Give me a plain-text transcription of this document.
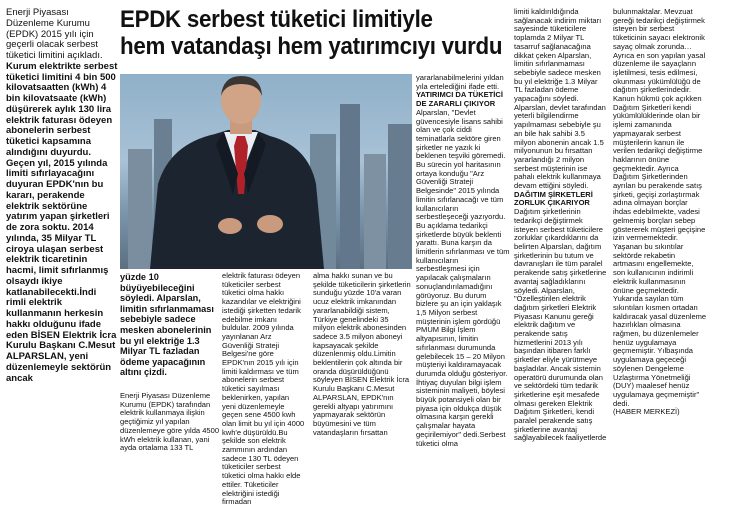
Enerji Piyasası Düzenleme Kurumu (EPDK) 2015 yılı için geçerli olacak serbest tüketici limitini açıkladı.
Kurum elektrikte serbest tüketici limitini 4 bin 500 kilovatsaatten (kWh) 4 bin kilovatsaate (kWh) düşürerek aylık 130 lira elektrik faturası ödeyen abonelerin serbest tüketici kapsamına alındığını duyurdu. Geçen yıl, 2015 yılında limiti sıfırlayacağını duyuran EPDK'nın bu kararı, perakende elektrik sektörüne yatırım yapan şirketleri de zora soktu. 2014 yılında, 35 Milyar TL ciroya ulaşan serbest elektrik ticaretinin hacmi, limit sıfırlanmış olsaydı ikiye katlanabilecekti.İndi rimli elektrik kullanmanın herkesin hakkı olduğunu ifade eden BİSEN Elektrik İcra Kurulu Başkanı C.Mesut ALPARSLAN, yeni düzenlemeyle sektörün ancak
EPDK serbest tüketici limitiyle
hem vatandaşı hem yatırımcıyı vurdu
yüzde 10 büyüyebileceğini söyledi. Alparslan, limitin sıfırlanmaması sebebiyle sadece mesken abonelerinin bu yıl elektriğe 1.3 Milyar TL fazladan ödeme yapacağının altını çizdi.
Enerji Piyasası Düzenleme Kurumu (EPDK) tarafından elektrik kullanmaya ilişkin geçtiğimiz yıl yapılan düzenlemeye göre yılda 4500 kWh elektrik kullanan, yani ayda ortalama 133 TL
elektrik faturası ödeyen tüketiciler serbest tüketici olma hakkı kazandılar ve elektriğini istediği şirketten tedarik edebilme imkanı buldular. 2009 yılında yayınlanan Arz Güvenliği Strateji Belgesi'ne göre EPDK'nın 2015 yılı için limiti kaldırması ve tüm abonelerin serbest tüketici sayılması beklenirken, yapılan yeni düzenlemeyle geçen sene 4500 kwh olan limit bu yıl için 4000 kwh'e düşürüldü.Bu şekilde son elektrik zammının ardından sadece 130 TL ödeyen tüketiciler serbest tüketici olma hakkı elde ettiler. Tüketiciler elektriğini istediği firmadan
alma hakkı sunan ve bu şekilde tüketicilerin şirketlerin sunduğu yüzde 10'a varan ucuz elektrik imkanından yararlanabildiği sistem, Türkiye genelindeki 35 milyon elektrik abonesinden sadece 3.5 milyon aboneyi kapsayacak şekilde düzenlenmiş oldu.Limitin beklentilerin çok altında bir oranda düşürüldüğünü söyleyen BİSEN Elektrik İcra Kurulu Başkanı C.Mesut ALPARSLAN, EPDK'nın gerekli altyapı yatırımını yapmayarak sektörün büyümesini ve tüm vatandaşların fırsattan
yararlanabilmelerini yıldan yıla ertelediğini ifade etti.
YATIRIMCI DA TÜKETİCİ DE ZARARLI ÇIKIYOR
Alparslan, "Devlet güvencesiyle lisans sahibi olan ve çok ciddi teminatlarla sektöre giren şirketler ne yazık ki beklenen teşviki göremedi. Bu sürecin yol haritasının ortaya konduğu "Arz Güvenliği Strateji Belgesinde" 2015 yılında limitin sıfırlanacağı ve tüm kullanıcıların serbestleşeceği yazıyordu. Bu açıklama tedarikçi şirketlerde büyük beklenti yarattı. Buna karşın da limitlerin sıfırlanması ve tüm kullanıcıların serbestleşmesi için yapılacak çalışmaların sonuçlandırılamadığını görüyoruz. Bu durum bizlere şu an için yaklaşık 1,5 Milyon serbest müşterinin işlem gördüğü PMUM Bilgi İşlem altyapısının, limitin sıfırlanması durumunda gelebilecek 15 – 20 Milyon müşteriyi kaldıramayacak durumda olduğu gösteriyor. İhtiyaç duyulan bilgi işlem sisteminin maliyeti, böylesi büyük potansiyeli olan bir piyasa için oldukça düşük olmasına karşın gerekli çalışmalar hayata geçirilemiyor" dedi.Serbest tüketici olma
limiti kaldırıldığında sağlanacak indirim miktarı sayesinde tüketicilere toplamda 2 Milyar TL tasarruf sağlanacağına dikkat çeken Alparslan, limitin sıfırlanmaması sebebiyle sadece mesken bu yıl elektriğe 1.3 Milyar TL fazladan ödeme yapacağını söyledi. Alparslan, devlet tarafından yeterli bilgilendirme yapılmaması sebebiyle şu an bile hak sahibi 3.5 milyon abonenin ancak 1.5 milyonunun bu fırsattan yararlandığı 2 milyon serbest müşterinin ise pahalı elektrik kullanmaya devam ettiğini söyledi.
DAĞITIM ŞİRKETLERİ ZORLUK ÇIKARIYOR
Dağıtım şirketlerinin tedarikçi değiştirmek isteyen serbest tüketicilere zorluklar çıkardıklarını da belirten Alparslan, dağıtım şirketlerinin bu tutum ve davranışları ile tüm paralel perakende satış şirketlerine avantaj sağladıklarını söyledi. Alparslan, "Özelleştirilen elektrik dağıtım şirketleri Elektrik Piyasası Kanunu gereği elektrik dağıtım ve perakende satış hizmetlerini 2013 yılı başından itibaren farklı şirketler eliyle yürütmeye başladılar. Ancak sistemin operatörü durumunda olan ve sektördeki tüm tedarik şirketlerine eşit mesafede olması gereken Elektrik Dağıtım Şirketleri, kendi paralel perakende satış şirketlerine avantaj sağlayabilecek faaliyetlerde
bulunmaktalar. Mevzuat gereği tedarikçi değiştirmek isteyen bir serbest tüketicinin sayacı elektronik sayaç olmak zorunda… Ayrıca en son yapılan yasal düzenleme ile sayaçların işletilmesi, tesis edilmesi, okunması yükümlülüğü de dağıtım şirketlerindedir. Kanun hükmü çok açıkken Dağıtım Şirketleri kendi yükümlülüklerinde olan bir işlemi zamanında yapmayarak serbest müşterilerin kanun ile verilen tedarikçi değiştirme haklarının önüne geçmektedir. Ayrıca Dağıtım Şirketlerinden ayrılan bu perakende satış şirketi, geçişi zorlaştırmak adına olmayan borçlar ihdas edebilmekte, vadesi gelmemiş borçları sebep göstererek müşteri geçişine izin vermemektedir. Yaşanan bu sıkıntılar sektörde rekabetin artmasını engellemekte, son kullanıcının indirimli elektrik kullanmasının önüne geçmektedir. Yukarıda sayılan tüm sıkıntıları kısmen ortadan kaldıracak yasal düzenleme hazırlıkları olmasına rağmen, bu düzenlemeler henüz uygulamaya geçmemiştir. Yılbaşında uygulamaya geçeceği söylenen Dengeleme Uzlaştırma Yönetmeliği (DUY) maalesef henüz uygulamaya geçmemiştir" dedi.
(HABER MERKEZİ)
